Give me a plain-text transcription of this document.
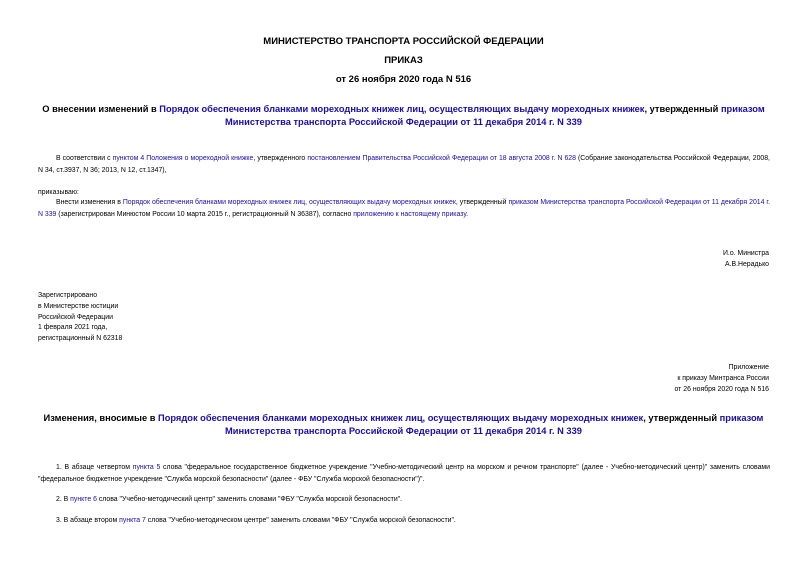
МИНИСТЕРСТВО ТРАНСПОРТА РОССИЙСКОЙ ФЕДЕРАЦИИ
ПРИКАЗ
от 26 ноября 2020 года N 516
О внесении изменений в Порядок обеспечения бланками мореходных книжек лиц, осуществляющих выдачу мореходных книжек, утвержденный приказом Министерства транспорта Российской Федерации от 11 декабря 2014 г. N 339
В соответствии с пунктом 4 Положения о мореходной книжке, утвержденного постановлением Правительства Российской Федерации от 18 августа 2008 г. N 628 (Собрание законодательства Российской Федерации, 2008, N 34, ст.3937, N 36; 2013, N 12, ст.1347),
приказываю:
Внести изменения в Порядок обеспечения бланками мореходных книжек лиц, осуществляющих выдачу мореходных книжек, утвержденный приказом Министерства транспорта Российской Федерации от 11 декабря 2014 г. N 339 (зарегистрирован Минюстом России 10 марта 2015 г., регистрационный N 36387), согласно приложению к настоящему приказу.
И.о. Министра
А.В.Нерадько
Зарегистрировано
в Министерстве юстиции
Российской Федерации
1 февраля 2021 года,
регистрационный N 62318
Приложение
к приказу Минтранса России
от 26 ноября 2020 года N 516
Изменения, вносимые в Порядок обеспечения бланками мореходных книжек лиц, осуществляющих выдачу мореходных книжек, утвержденный приказом Министерства транспорта Российской Федерации от 11 декабря 2014 г. N 339
1. В абзаце четвертом пункта 5 слова "федеральное государственное бюджетное учреждение "Учебно-методический центр на морском и речном транспорте" (далее - Учебно-методический центр)" заменить словами "федеральное бюджетное учреждение "Служба морской безопасности" (далее - ФБУ "Служба морской безопасности")".
2. В пункте 6 слова "Учебно-методический центр" заменить словами "ФБУ "Служба морской безопасности".
3. В абзаце втором пункта 7 слова "Учебно-методическом центре" заменить словами "ФБУ "Служба морской безопасности".
